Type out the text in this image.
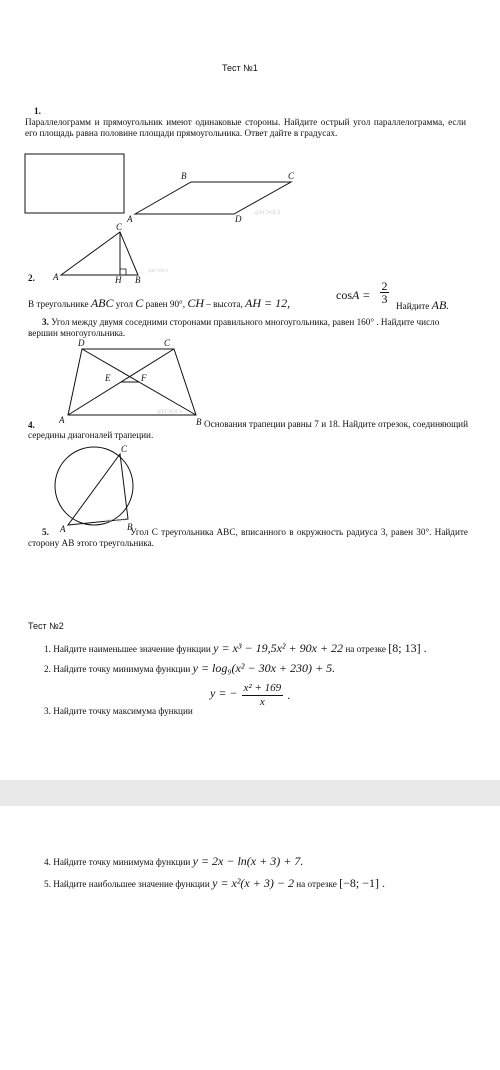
Тест №1
1.
Параллелограмм и прямоугольник имеют одинаковые стороны. Найдите острый угол параллелограмма, если его площадь равна половине площади прямоугольника. Ответ дайте в градусах.
B	C
A	D
@ЕГЭ/ОГЭ
C
A	H B
@ЕГЭ/ОГЭ
2.
В треугольнике ABC угол C равен 90°, CH – высота, AH = 12,
$\cos A = \frac{2}{3}$
Найдите AB.
3. Угол между двумя соседними сторонами правильного многоугольника, равен 160° . Найдите число вершин многоугольника.
D	C
E	F
A	B
@ЕГЭ/ОГЭ
4.	Основания трапеции равны 7 и 18. Найдите отрезок, соединяющий середины диагоналей трапеции.
C
A	B
@ЕГЭ/ОГЭ
5.	Угол C треугольника ABC, вписанного в окружность радиуса 3, равен 30°. Найдите сторону AB этого треугольника.
Тест №2
1. Найдите наименьшее значение функции y = x³ − 19,5x² + 90x + 22 на отрезке [8; 13] .
2. Найдите точку минимума функции y = log₉(x² − 30x + 230) + 5.
3. Найдите точку максимума функции
y = − $\frac{\text{x² + 169}}{x}$ .
4. Найдите точку минимума функции y = 2x − ln(x + 3) + 7.
5. Найдите наибольшее значение функции y = x²(x + 3) − 2 на отрезке [−8; −1] .
